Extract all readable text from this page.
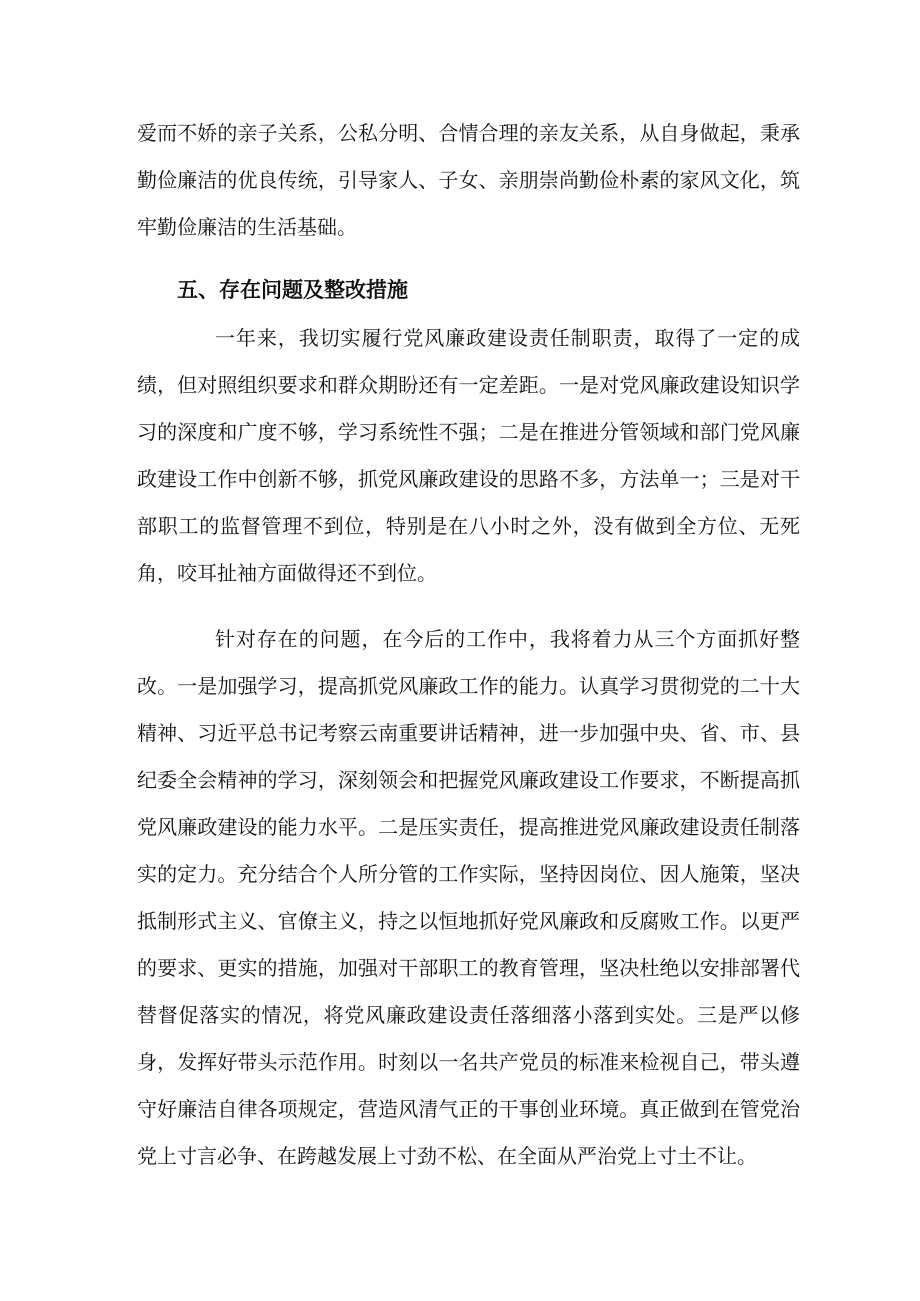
爱而不娇的亲子关系，公私分明、合情合理的亲友关系，从自身做起，秉承勤俭廉洁的优良传统，引导家人、子女、亲朋崇尚勤俭朴素的家风文化，筑牢勤俭廉洁的生活基础。

五、存在问题及整改措施

一年来，我切实履行党风廉政建设责任制职责，取得了一定的成绩，但对照组织要求和群众期盼还有一定差距。一是对党风廉政建设知识学习的深度和广度不够，学习系统性不强；二是在推进分管领域和部门党风廉政建设工作中创新不够，抓党风廉政建设的思路不多，方法单一；三是对干部职工的监督管理不到位，特别是在八小时之外，没有做到全方位、无死角，咬耳扯袖方面做得还不到位。

针对存在的问题，在今后的工作中，我将着力从三个方面抓好整改。一是加强学习，提高抓党风廉政工作的能力。认真学习贯彻党的二十大精神、习近平总书记考察云南重要讲话精神，进一步加强中央、省、市、县纪委全会精神的学习，深刻领会和把握党风廉政建设工作要求，不断提高抓党风廉政建设的能力水平。二是压实责任，提高推进党风廉政建设责任制落实的定力。充分结合个人所分管的工作实际，坚持因岗位、因人施策，坚决抵制形式主义、官僚主义，持之以恒地抓好党风廉政和反腐败工作。以更严的要求、更实的措施，加强对干部职工的教育管理，坚决杜绝以安排部署代替督促落实的情况，将党风廉政建设责任落细落小落到实处。三是严以修身，发挥好带头示范作用。时刻以一名共产党员的标准来检视自己，带头遵守好廉洁自律各项规定，营造风清气正的干事创业环境。真正做到在管党治党上寸言必争、在跨越发展上寸劲不松、在全面从严治党上寸土不让。
